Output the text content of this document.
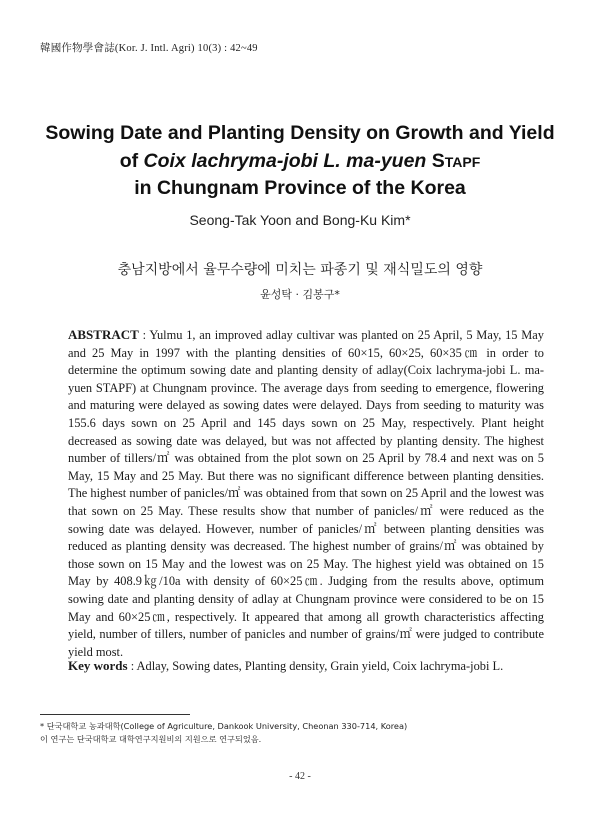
韓國作物學會誌(Kor. J. Intl. Agri) 10(3) : 42~49
Sowing Date and Planting Density on Growth and Yield of Coix lachryma-jobi L. ma-yuen Stapf
in Chungnam Province of the Korea
Seong-Tak Yoon and Bong-Ku Kim*
충남지방에서 율무수량에 미치는 파종기 및 재식밀도의 영향
윤성탁 · 김봉구*

ABSTRACT : Yulmu 1, an improved adlay cultivar was planted on 25 April, 5 May, 15 May and 25 May in 1997 with the planting densities of 60×15, 60×25, 60×35㎝ in order to determine the optimum sowing date and planting density of adlay(Coix lachryma-jobi L. ma-yuen STAPF) at Chungnam province. The average days from seeding to emergence, flowering and maturing were delayed as sowing dates were delayed. Days from seeding to maturity was 155.6 days sown on 25 April and 145 days sown on 25 May, respectively. Plant height decreased as sowing date was delayed, but was not affected by planting density. The highest number of tillers/㎡ was obtained from the plot sown on 25 April by 78.4 and next was on 5 May, 15 May and 25 May. But there was no significant difference between planting densities. The highest number of panicles/㎡ was obtained from that sown on 25 April and the lowest was that sown on 25 May. These results show that number of panicles/㎡ were reduced as the sowing date was delayed. However, number of panicles/㎡ between planting densities was reduced as planting density was decreased. The highest number of grains/㎡ was obtained by those sown on 15 May and the lowest was on 25 May. The highest yield was obtained on 15 May by 408.9㎏/10a with density of 60×25㎝. Judging from the results above, optimum sowing date and planting density of adlay at Chungnam province were considered to be on 15 May and 60×25㎝, respectively. It appeared that among all growth characteristics affecting yield, number of tillers, number of panicles and number of grains/㎡ were judged to contribute yield most.

Key words : Adlay, Sowing dates, Planting density, Grain yield, Coix lachryma-jobi L.

* 단국대학교 농과대학(College of Agriculture, Dankook University, Cheonan 330-714, Korea)
이 연구는 단국대학교 대학연구지원비의 지원으로 연구되었음.
- 42 -
